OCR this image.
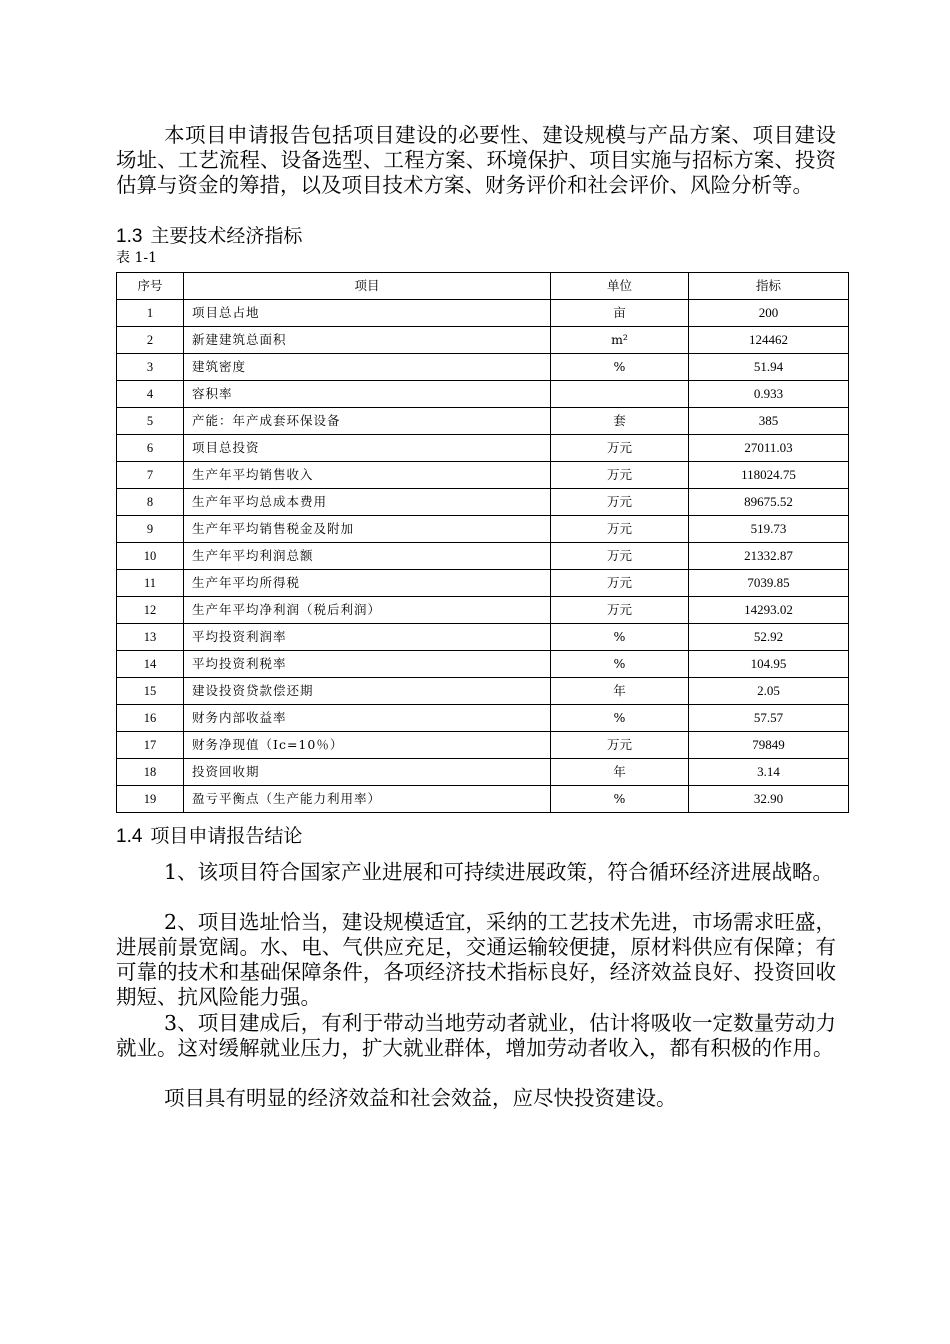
本项目申请报告包括项目建设的必要性、建设规模与产品方案、项目建设场址、工艺流程、设备选型、工程方案、环境保护、项目实施与招标方案、投资估算与资金的筹措，以及项目技术方案、财务评价和社会评价、风险分析等。

1.3 主要技术经济指标
表 1-1
序号	项目	单位	指标
1	项目总占地	亩	200
2	新建建筑总面积	m²	124462
3	建筑密度	%	51.94
4	容积率		0.933
5	产能：年产成套环保设备	套	385
6	项目总投资	万元	27011.03
7	生产年平均销售收入	万元	118024.75
8	生产年平均总成本费用	万元	89675.52
9	生产年平均销售税金及附加	万元	519.73
10	生产年平均利润总额	万元	21332.87
11	生产年平均所得税	万元	7039.85
12	生产年平均净利润（税后利润）	万元	14293.02
13	平均投资利润率	%	52.92
14	平均投资利税率	%	104.95
15	建设投资贷款偿还期	年	2.05
16	财务内部收益率	%	57.57
17	财务净现值（Ic=10％）	万元	79849
18	投资回收期	年	3.14
19	盈亏平衡点（生产能力利用率）	%	32.90
1.4 项目申请报告结论

1、该项目符合国家产业进展和可持续进展政策，符合循环经济进展战略。

2、项目选址恰当，建设规模适宜，采纳的工艺技术先进，市场需求旺盛，进展前景宽阔。水、电、气供应充足，交通运输较便捷，原材料供应有保障；有可靠的技术和基础保障条件，各项经济技术指标良好，经济效益良好、投资回收期短、抗风险能力强。

3、项目建成后，有利于带动当地劳动者就业，估计将吸收一定数量劳动力就业。这对缓解就业压力，扩大就业群体，增加劳动者收入，都有积极的作用。

项目具有明显的经济效益和社会效益，应尽快投资建设。
